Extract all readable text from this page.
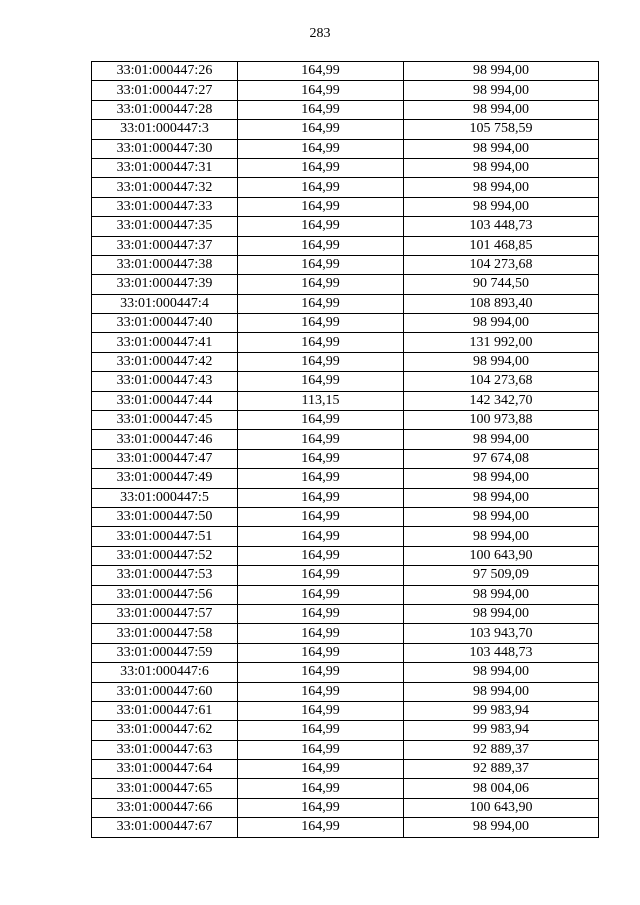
283
33:01:000447:26	164,99	98 994,00
33:01:000447:27	164,99	98 994,00
33:01:000447:28	164,99	98 994,00
33:01:000447:3	164,99	105 758,59
33:01:000447:30	164,99	98 994,00
33:01:000447:31	164,99	98 994,00
33:01:000447:32	164,99	98 994,00
33:01:000447:33	164,99	98 994,00
33:01:000447:35	164,99	103 448,73
33:01:000447:37	164,99	101 468,85
33:01:000447:38	164,99	104 273,68
33:01:000447:39	164,99	90 744,50
33:01:000447:4	164,99	108 893,40
33:01:000447:40	164,99	98 994,00
33:01:000447:41	164,99	131 992,00
33:01:000447:42	164,99	98 994,00
33:01:000447:43	164,99	104 273,68
33:01:000447:44	113,15	142 342,70
33:01:000447:45	164,99	100 973,88
33:01:000447:46	164,99	98 994,00
33:01:000447:47	164,99	97 674,08
33:01:000447:49	164,99	98 994,00
33:01:000447:5	164,99	98 994,00
33:01:000447:50	164,99	98 994,00
33:01:000447:51	164,99	98 994,00
33:01:000447:52	164,99	100 643,90
33:01:000447:53	164,99	97 509,09
33:01:000447:56	164,99	98 994,00
33:01:000447:57	164,99	98 994,00
33:01:000447:58	164,99	103 943,70
33:01:000447:59	164,99	103 448,73
33:01:000447:6	164,99	98 994,00
33:01:000447:60	164,99	98 994,00
33:01:000447:61	164,99	99 983,94
33:01:000447:62	164,99	99 983,94
33:01:000447:63	164,99	92 889,37
33:01:000447:64	164,99	92 889,37
33:01:000447:65	164,99	98 004,06
33:01:000447:66	164,99	100 643,90
33:01:000447:67	164,99	98 994,00
